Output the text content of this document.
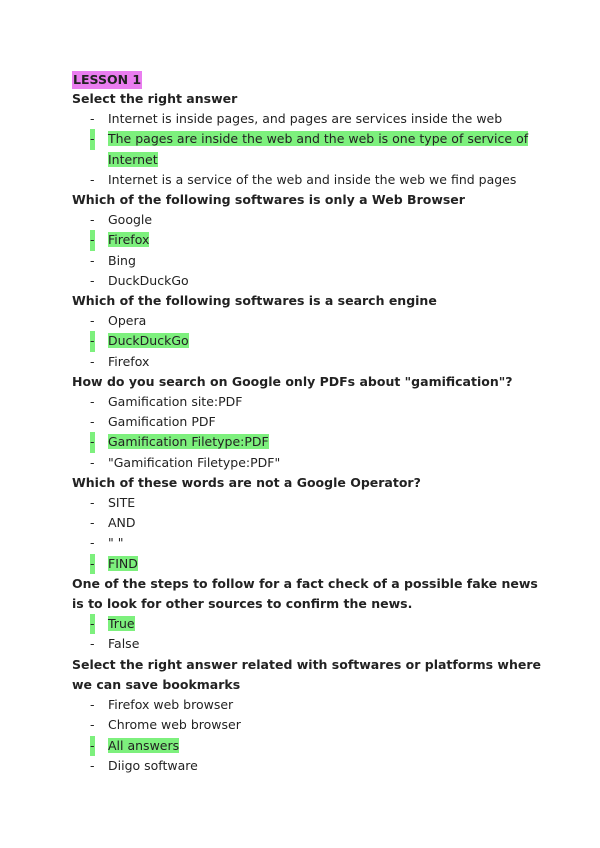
LESSON 1
Select the right answer
- Internet is inside pages, and pages are services inside the web
- The pages are inside the web and the web is one type of service of Internet
- Internet is a service of the web and inside the web we find pages
Which of the following softwares is only a Web Browser
- Google
- Firefox
- Bing
- DuckDuckGo
Which of the following softwares is a search engine
- Opera
- DuckDuckGo
- Firefox
How do you search on Google only PDFs about "gamification"?
- Gamification site:PDF
- Gamification PDF
- Gamification Filetype:PDF
- "Gamification Filetype:PDF"
Which of these words are not a Google Operator?
- SITE
- AND
- " "
- FIND
One of the steps to follow for a fact check of a possible fake news is to look for other sources to confirm the news.
- True
- False
Select the right answer related with softwares or platforms where we can save bookmarks
- Firefox web browser
- Chrome web browser
- All answers
- Diigo software
